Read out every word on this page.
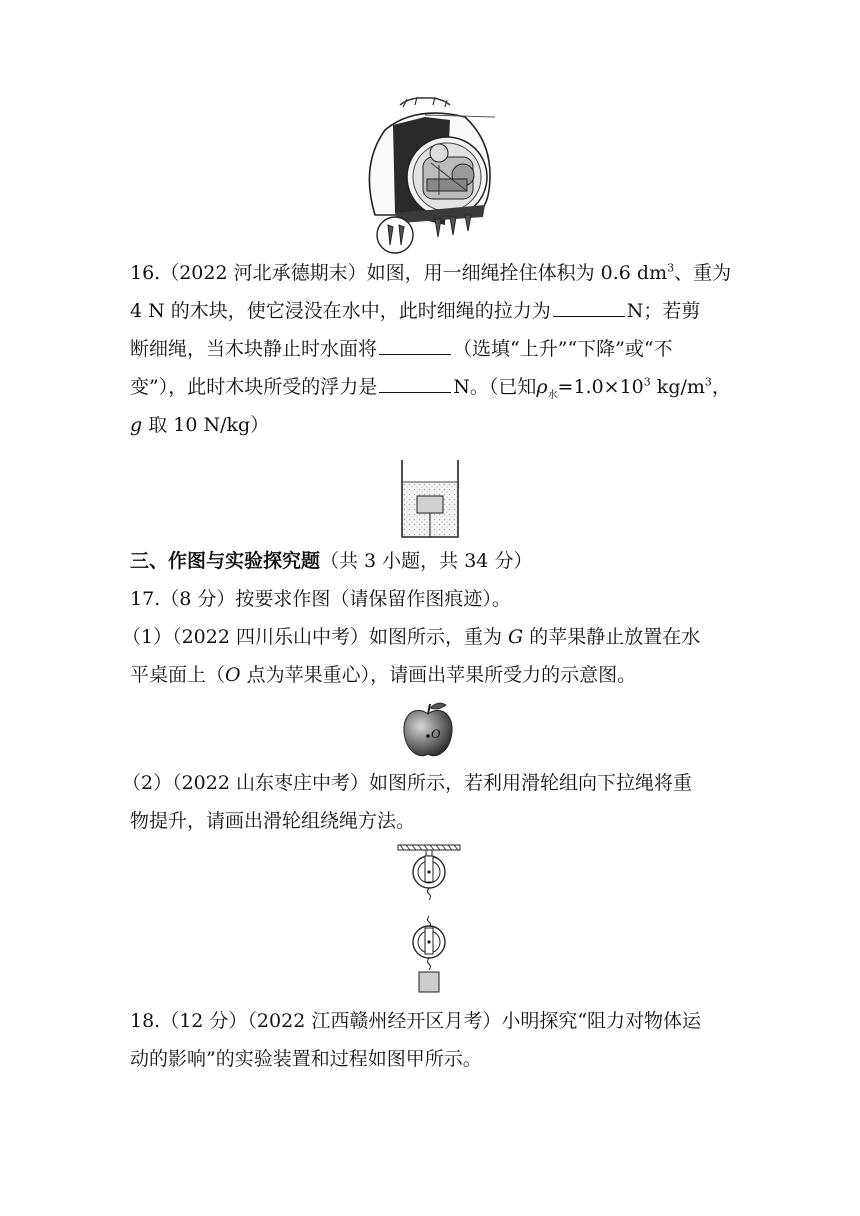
16.（2022 河北承德期末）如图，用一细绳拴住体积为 0.6 $dm^3$、重为
4 N 的木块，使它浸没在水中，此时细绳的拉力为	N；若剪
断细绳，当木块静止时水面将	（选填“上升”“下降”或“不
变”），此时木块所受的浮力是	N。（已知$\rho_水=1.0\times 10^3$ $kg/m^3$，
g 取 10 N/kg）
三、作图与实验探究题（共 3 小题，共 34 分）
17.（8 分）按要求作图（请保留作图痕迹）。
（1）（2022 四川乐山中考）如图所示，重为 G 的苹果静止放置在水
平桌面上（O 点为苹果重心），请画出苹果所受力的示意图。
O
（2）（2022 山东枣庄中考）如图所示，若利用滑轮组向下拉绳将重
物提升，请画出滑轮组绕绳方法。
18.（12 分）（2022 江西赣州经开区月考）小明探究“阻力对物体运
动的影响”的实验装置和过程如图甲所示。
